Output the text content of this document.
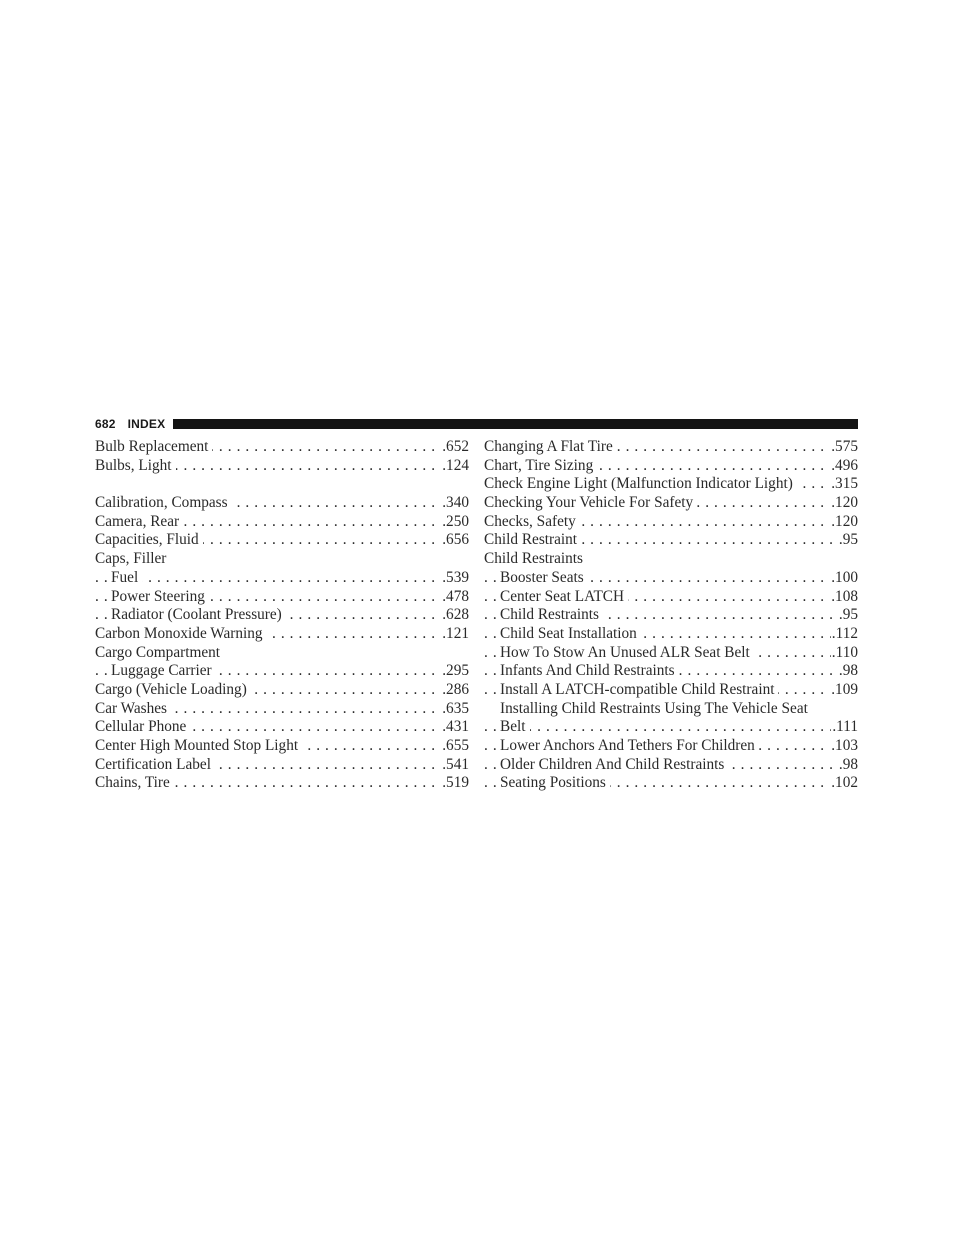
682 INDEX
Bulb Replacement	.652
. . .
Bulbs, Light	.124
. . .
Calibration, Compass	.340
. . .
Camera, Rear	.250
. . .
Capacities, Fluid	.656
. . .
Caps, Filler
Fuel	.539
. . .
Power Steering	.478
. . .
Radiator (Coolant Pressure)	.628
. . .
Carbon Monoxide Warning	.121
. . .
Cargo Compartment
Luggage Carrier	.295
. . .
Cargo (Vehicle Loading)	.286
. . .
Car Washes	.635
. . .
Cellular Phone	.431
. . .
Center High Mounted Stop Light	.655
. . .
Certification Label	.541
. . .
Chains, Tire	.519
. . .
Changing A Flat Tire	.575
. . .
Chart, Tire Sizing	.496
. . .
Check Engine Light (Malfunction Indicator Light)	.315
. . .
Checking Your Vehicle For Safety	.120
. . .
Checks, Safety	.120
. . .
Child Restraint	.95
. . .
Child Restraints
Booster Seats	.100
. . .
Center Seat LATCH	.108
. . .
Child Restraints	.95
. . .
Child Seat Installation	.112
. . .
How To Stow An Unused ALR Seat Belt	.110
. . .
Infants And Child Restraints	.98
. . .
Install A LATCH-compatible Child Restraint	.109
. . .
Installing Child Restraints Using The Vehicle Seat
Belt	.111
. . .
Lower Anchors And Tethers For Children	.103
. . .
Older Children And Child Restraints	.98
. . .
Seating Positions	.102
. . .
